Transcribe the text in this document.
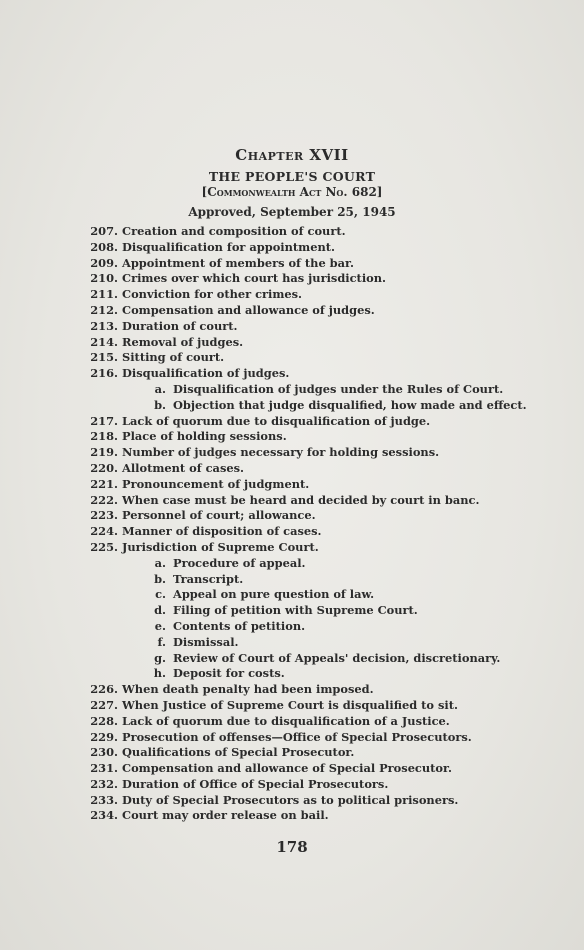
Chapter XVII
THE PEOPLE'S COURT
[Commonwealth Act No. 682]
Approved, September 25, 1945
207. Creation and composition of court.
208. Disqualification for appointment.
209. Appointment of members of the bar.
210. Crimes over which court has jurisdiction.
211. Conviction for other crimes.
212. Compensation and allowance of judges.
213. Duration of court.
214. Removal of judges.
215. Sitting of court.
216. Disqualification of judges.
a. Disqualification of judges under the Rules of Court.
b. Objection that judge disqualified, how made and effect.
217. Lack of quorum due to disqualification of judge.
218. Place of holding sessions.
219. Number of judges necessary for holding sessions.
220. Allotment of cases.
221. Pronouncement of judgment.
222. When case must be heard and decided by court in banc.
223. Personnel of court; allowance.
224. Manner of disposition of cases.
225. Jurisdiction of Supreme Court.
a. Procedure of appeal.
b. Transcript.
c. Appeal on pure question of law.
d. Filing of petition with Supreme Court.
e. Contents of petition.
f. Dismissal.
g. Review of Court of Appeals' decision, discretionary.
h. Deposit for costs.
226. When death penalty had been imposed.
227. When Justice of Supreme Court is disqualified to sit.
228. Lack of quorum due to disqualification of a Justice.
229. Prosecution of offenses—Office of Special Prosecutors.
230. Qualifications of Special Prosecutor.
231. Compensation and allowance of Special Prosecutor.
232. Duration of Office of Special Prosecutors.
233. Duty of Special Prosecutors as to political prisoners.
234. Court may order release on bail.
178
